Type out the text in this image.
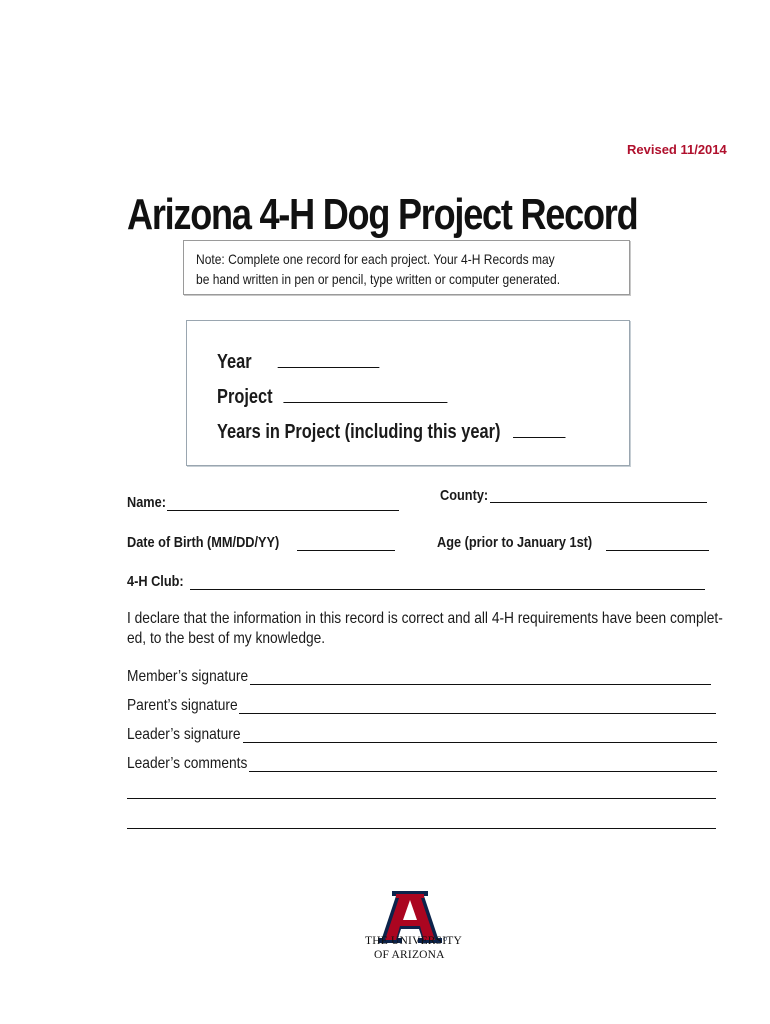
Revised 11/2014
Arizona 4-H Dog Project Record
Note: Complete one record for each project. Your 4-H Records may
be hand written in pen or pencil, type written or computer generated.
Year
Project
Years in Project (including this year)
Name:	County:
Date of Birth (MM/DD/YY)	Age (prior to January 1st)
4-H Club:
I declare that the information in this record is correct and all 4-H requirements have been complet-
ed, to the best of my knowledge.
Member’s signature
Parent’s signature
Leader’s signature
Leader’s comments
THE UNIVERSITY
OF ARIZONA
